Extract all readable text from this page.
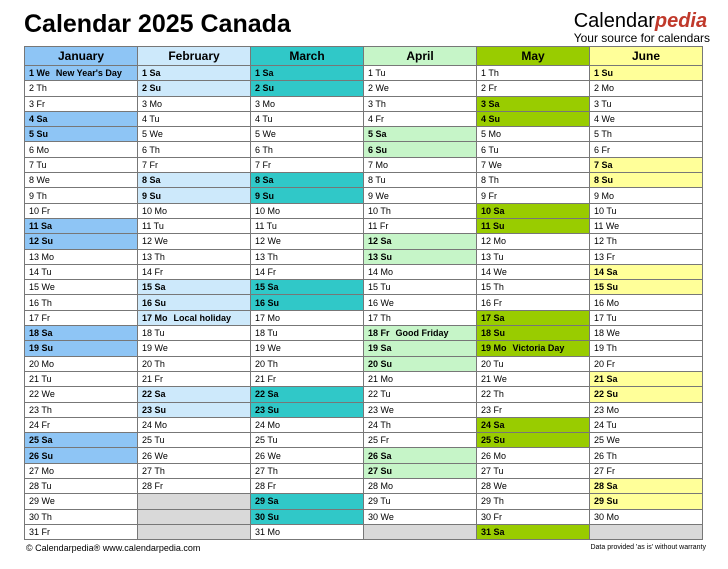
Calendar 2025 Canada	Calendarpedia
Your source for calendars
January	February	March	April	May	June
1 We New Year's Day	1 Sa	1 Sa	1 Tu	1 Th	1 Su
2 Th	2 Su	2 Su	2 We	2 Fr	2 Mo
3 Fr	3 Mo	3 Mo	3 Th	3 Sa	3 Tu
4 Sa	4 Tu	4 Tu	4 Fr	4 Su	4 We
5 Su	5 We	5 We	5 Sa	5 Mo	5 Th
6 Mo	6 Th	6 Th	6 Su	6 Tu	6 Fr
7 Tu	7 Fr	7 Fr	7 Mo	7 We	7 Sa
8 We	8 Sa	8 Sa	8 Tu	8 Th	8 Su
9 Th	9 Su	9 Su	9 We	9 Fr	9 Mo
10 Fr	10 Mo	10 Mo	10 Th	10 Sa	10 Tu
11 Sa	11 Tu	11 Tu	11 Fr	11 Su	11 We
12 Su	12 We	12 We	12 Sa	12 Mo	12 Th
13 Mo	13 Th	13 Th	13 Su	13 Tu	13 Fr
14 Tu	14 Fr	14 Fr	14 Mo	14 We	14 Sa
15 We	15 Sa	15 Sa	15 Tu	15 Th	15 Su
16 Th	16 Su	16 Su	16 We	16 Fr	16 Mo
17 Fr	17 Mo Local holiday	17 Mo	17 Th	17 Sa	17 Tu
18 Sa	18 Tu	18 Tu	18 Fr Good Friday	18 Su	18 We
19 Su	19 We	19 We	19 Sa	19 Mo Victoria Day	19 Th
20 Mo	20 Th	20 Th	20 Su	20 Tu	20 Fr
21 Tu	21 Fr	21 Fr	21 Mo	21 We	21 Sa
22 We	22 Sa	22 Sa	22 Tu	22 Th	22 Su
23 Th	23 Su	23 Su	23 We	23 Fr	23 Mo
24 Fr	24 Mo	24 Mo	24 Th	24 Sa	24 Tu
25 Sa	25 Tu	25 Tu	25 Fr	25 Su	25 We
26 Su	26 We	26 We	26 Sa	26 Mo	26 Th
27 Mo	27 Th	27 Th	27 Su	27 Tu	27 Fr
28 Tu	28 Fr	28 Fr	28 Mo	28 We	28 Sa
29 We		29 Sa	29 Tu	29 Th	29 Su
30 Th		30 Su	30 We	30 Fr	30 Mo
31 Fr		31 Mo		31 Sa	
© Calendarpedia® www.calendarpedia.com	Data provided 'as is' without warranty
